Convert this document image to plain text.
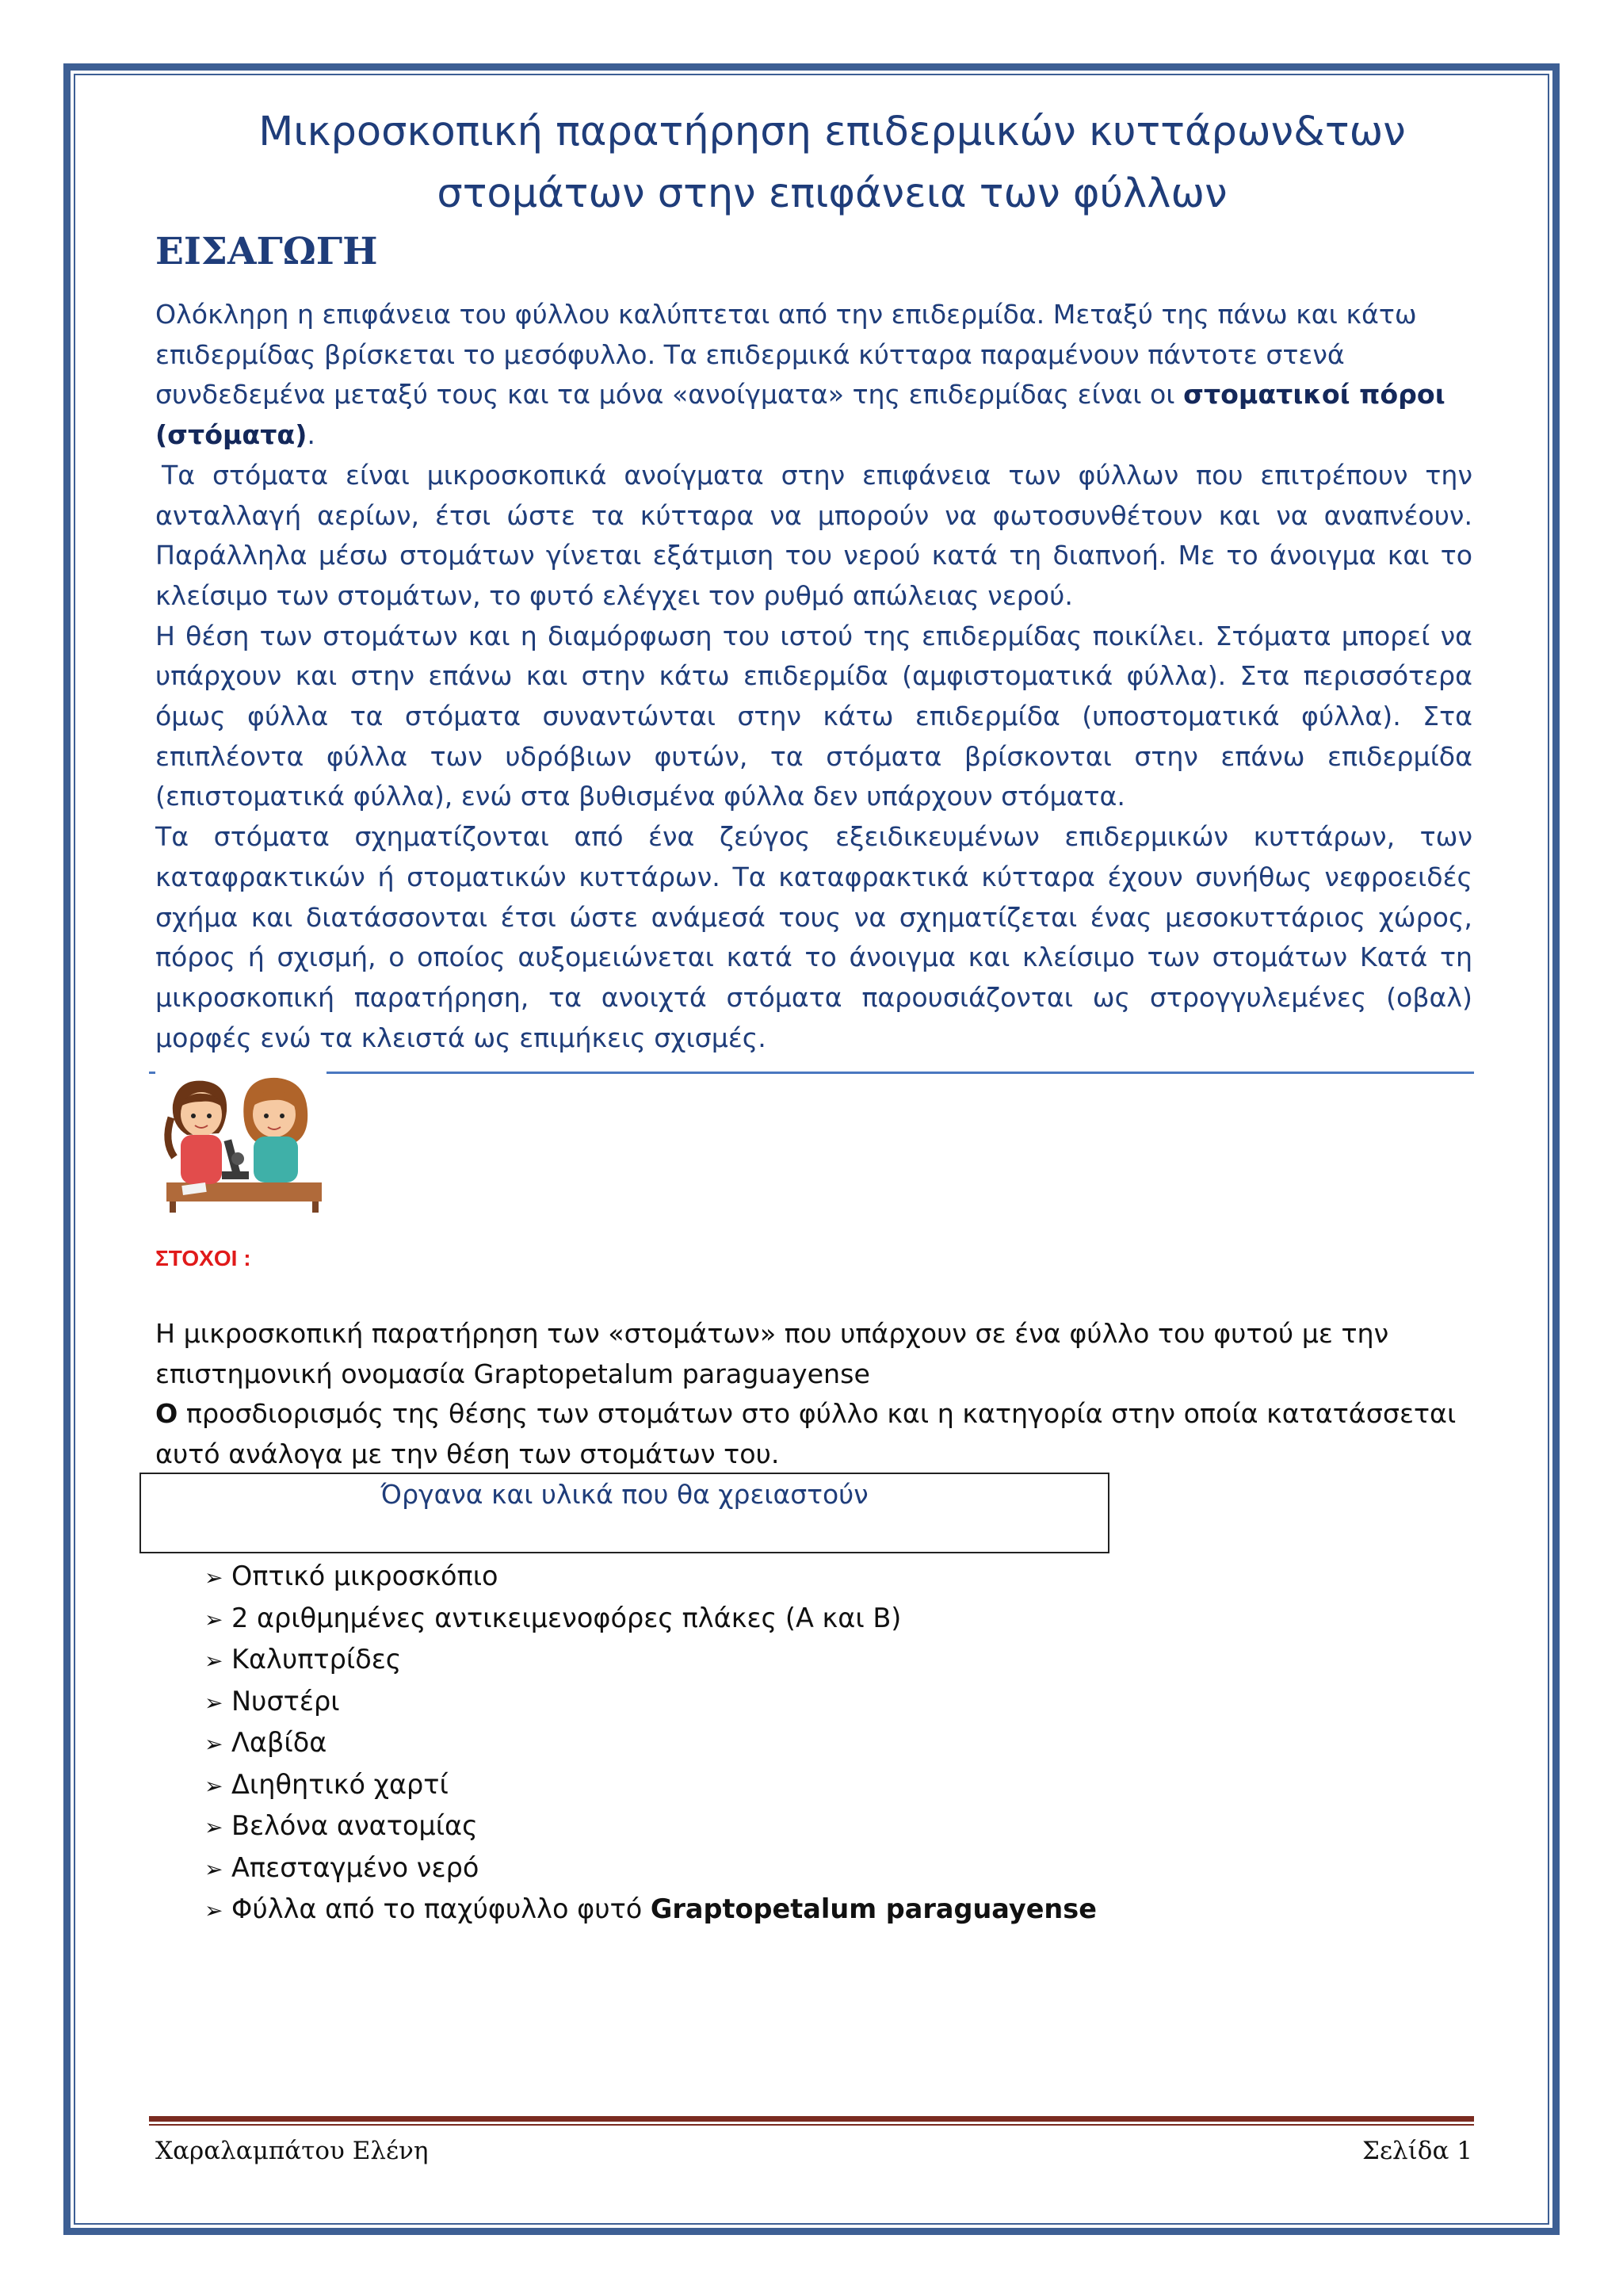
Μικροσκοπική παρατήρηση επιδερμικών κυττάρων&των
στομάτων στην επιφάνεια των φύλλων
ΕΙΣΑΓΩΓΗ

Ολόκληρη η επιφάνεια του φύλλου καλύπτεται από την επιδερμίδα. Μεταξύ της πάνω και κάτω επιδερμίδας βρίσκεται το μεσόφυλλο. Τα επιδερμικά κύτταρα παραμένουν πάντοτε στενά συνδεδεμένα μεταξύ τους και τα μόνα «ανοίγματα» της επιδερμίδας είναι οι στοματικοί πόροι (στόματα).

Τα στόματα είναι μικροσκοπικά ανοίγματα στην επιφάνεια των φύλλων που επιτρέπουν την ανταλλαγή αερίων, έτσι ώστε τα κύτταρα να μπορούν να φωτοσυνθέτουν και να αναπνέουν. Παράλληλα μέσω στομάτων γίνεται εξάτμιση του νερού κατά τη διαπνοή. Με το άνοιγμα και το κλείσιμο των στομάτων, το φυτό ελέγχει τον ρυθμό απώλειας νερού.

Η θέση των στομάτων και η διαμόρφωση του ιστού της επιδερμίδας ποικίλει. Στόματα μπορεί να υπάρχουν και στην επάνω και στην κάτω επιδερμίδα (αμφιστοματικά φύλλα). Στα περισσότερα όμως φύλλα τα στόματα συναντώνται στην κάτω επιδερμίδα (υποστοματικά φύλλα). Στα επιπλέοντα φύλλα των υδρόβιων φυτών, τα στόματα βρίσκονται στην επάνω επιδερμίδα (επιστοματικά φύλλα), ενώ στα βυθισμένα φύλλα δεν υπάρχουν στόματα.

Τα στόματα σχηματίζονται από ένα ζεύγος εξειδικευμένων επιδερμικών κυττάρων, των καταφρακτικών ή στοματικών κυττάρων. Τα καταφρακτικά κύτταρα έχουν συνήθως νεφροειδές σχήμα και διατάσσονται έτσι ώστε ανάμεσά τους να σχηματίζεται ένας μεσοκυττάριος χώρος, πόρος ή σχισμή, ο οποίος αυξομειώνεται κατά το άνοιγμα και κλείσιμο των στομάτων Κατά τη μικροσκοπική παρατήρηση, τα ανοιχτά στόματα παρουσιάζονται ως στρογγυλεμένες (οβαλ) μορφές ενώ τα κλειστά ως επιμήκεις σχισμές.

ΣΤΟΧΟΙ :

Η μικροσκοπική παρατήρηση των «στομάτων» που υπάρχουν σε ένα φύλλο του φυτού με την επιστημονική ονομασία Graptopetalum paraguayense

Ο προσδιορισμός της θέσης των στομάτων στο φύλλο και η κατηγορία στην οποία κατατάσσεται αυτό ανάλογα με την θέση των στομάτων του.

Όργανα και υλικά που θα χρειαστούν
➢ Οπτικό μικροσκόπιο
➢ 2 αριθμημένες αντικειμενοφόρες πλάκες (Α και Β)
➢ Καλυπτρίδες
➢ Νυστέρι
➢ Λαβίδα
➢ Διηθητικό χαρτί
➢ Βελόνα ανατομίας
➢ Απεσταγμένο νερό
➢ Φύλλα από το παχύφυλλο φυτό Graptopetalum paraguayense
Χαραλαμπάτου Ελένη	Σελίδα 1
